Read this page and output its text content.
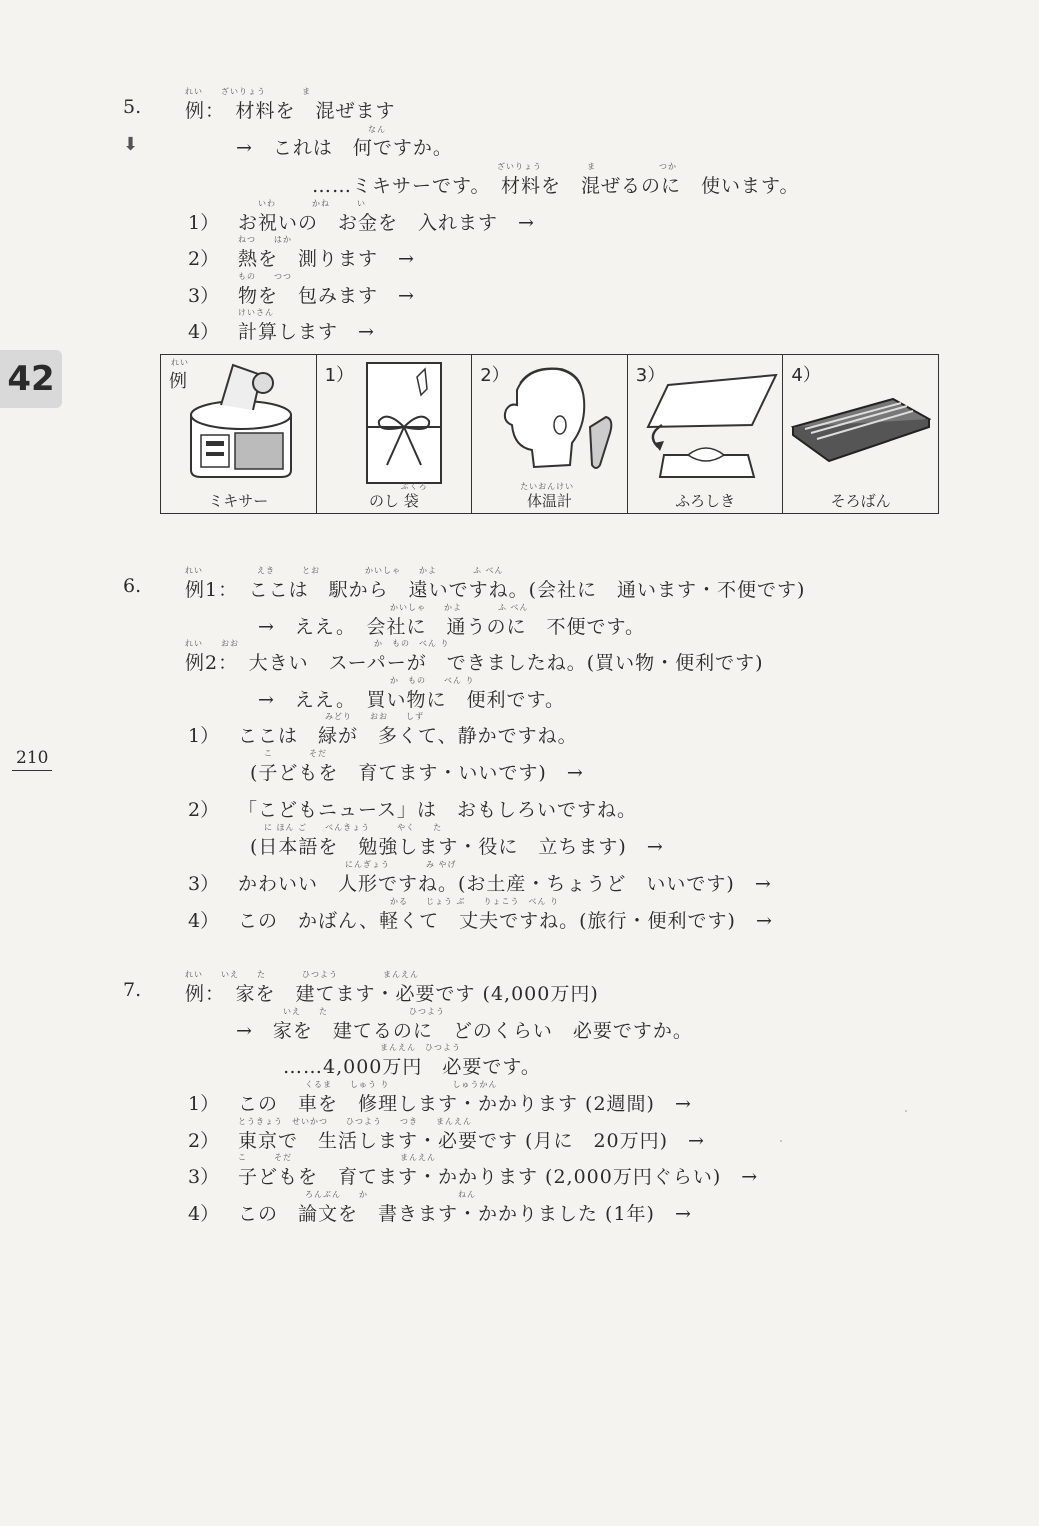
42
210
⬇
5.
れい　　ざいりょう　　　　ま
例：　材料を　混ぜます
なん
→　これは　何ですか。
ざいりょう　　　　　ま　　　　　　　つか
……ミキサーです。　材料を　混ぜるのに　使います。
1）
いわ　　　　かね　　　い
お祝いの　お金を　入れます　→
2）
ねつ　　はか
熱を　測ります　→
3）
もの　　つつ
物を　包みます　→
4）
けいさん
計算します　→
れい
例
ミキサー
1）
ぶくろ
のし 袋
2）
たいおんけい
体温計
3）
ふろしき
4）
そろばん
6.
れい　　　　　　えき　　　とお　　　　　かいしゃ　　かよ　　　　ふ べん
例1：　ここは　駅から　遠いですね。(会社に　通います・不便です)
かいしゃ　　かよ　　　　ふ べん
→　ええ。　会社に　通うのに　不便です。
れい　　おお　　　　　　　　　　　　　　　か　もの　べん り
例2：　大きい　スーパーが　できましたね。(買い物・便利です)
か　もの　　べん り
→　ええ。　買い物に　便利です。
1）
みどり　　おお　　しず
ここは　緑が　多くて、静かですね。
こ　　　　そだ
(子どもを　育てます・いいです)　→
2） 「こどもニュース」は　おもしろいですね。
に ほん ご　　べんきょう　　　やく　　た
(日本語を　勉強します・役に　立ちます)　→
3）
にんぎょう　　　　み やげ
かわいい　人形ですね。(お土産・ちょうど　いいです)　→
4）
かる　　じょう ぶ　　りょこう　べん り
この　かばん、軽くて　丈夫ですね。(旅行・便利です)　→
7.
れい　　いえ　　た　　　　ひつよう　　　　　まんえん
例：　家を　建てます・必要です (4,000万円)
いえ　　た　　　　　　　　　ひつよう
→　家を　建てるのに　どのくらい　必要ですか。
まんえん　ひつよう
……4,000万円　必要です。
1）
くるま　　しゅう り　　　　　　　しゅうかん
この　車を　修理します・かかります (2週間)　→
2）
とうきょう　せいかつ　　ひつよう　　つき　　まんえん
東京で　生活します・必要です (月に　20万円)　→
3）
こ　　　そだ　　　　　　　　　　　　まんえん
子どもを　育てます・かかります (2,000万円ぐらい)　→
4）
ろんぶん　　か　　　　　　　　　　ねん
この　論文を　書きます・かかりました (1年)　→
